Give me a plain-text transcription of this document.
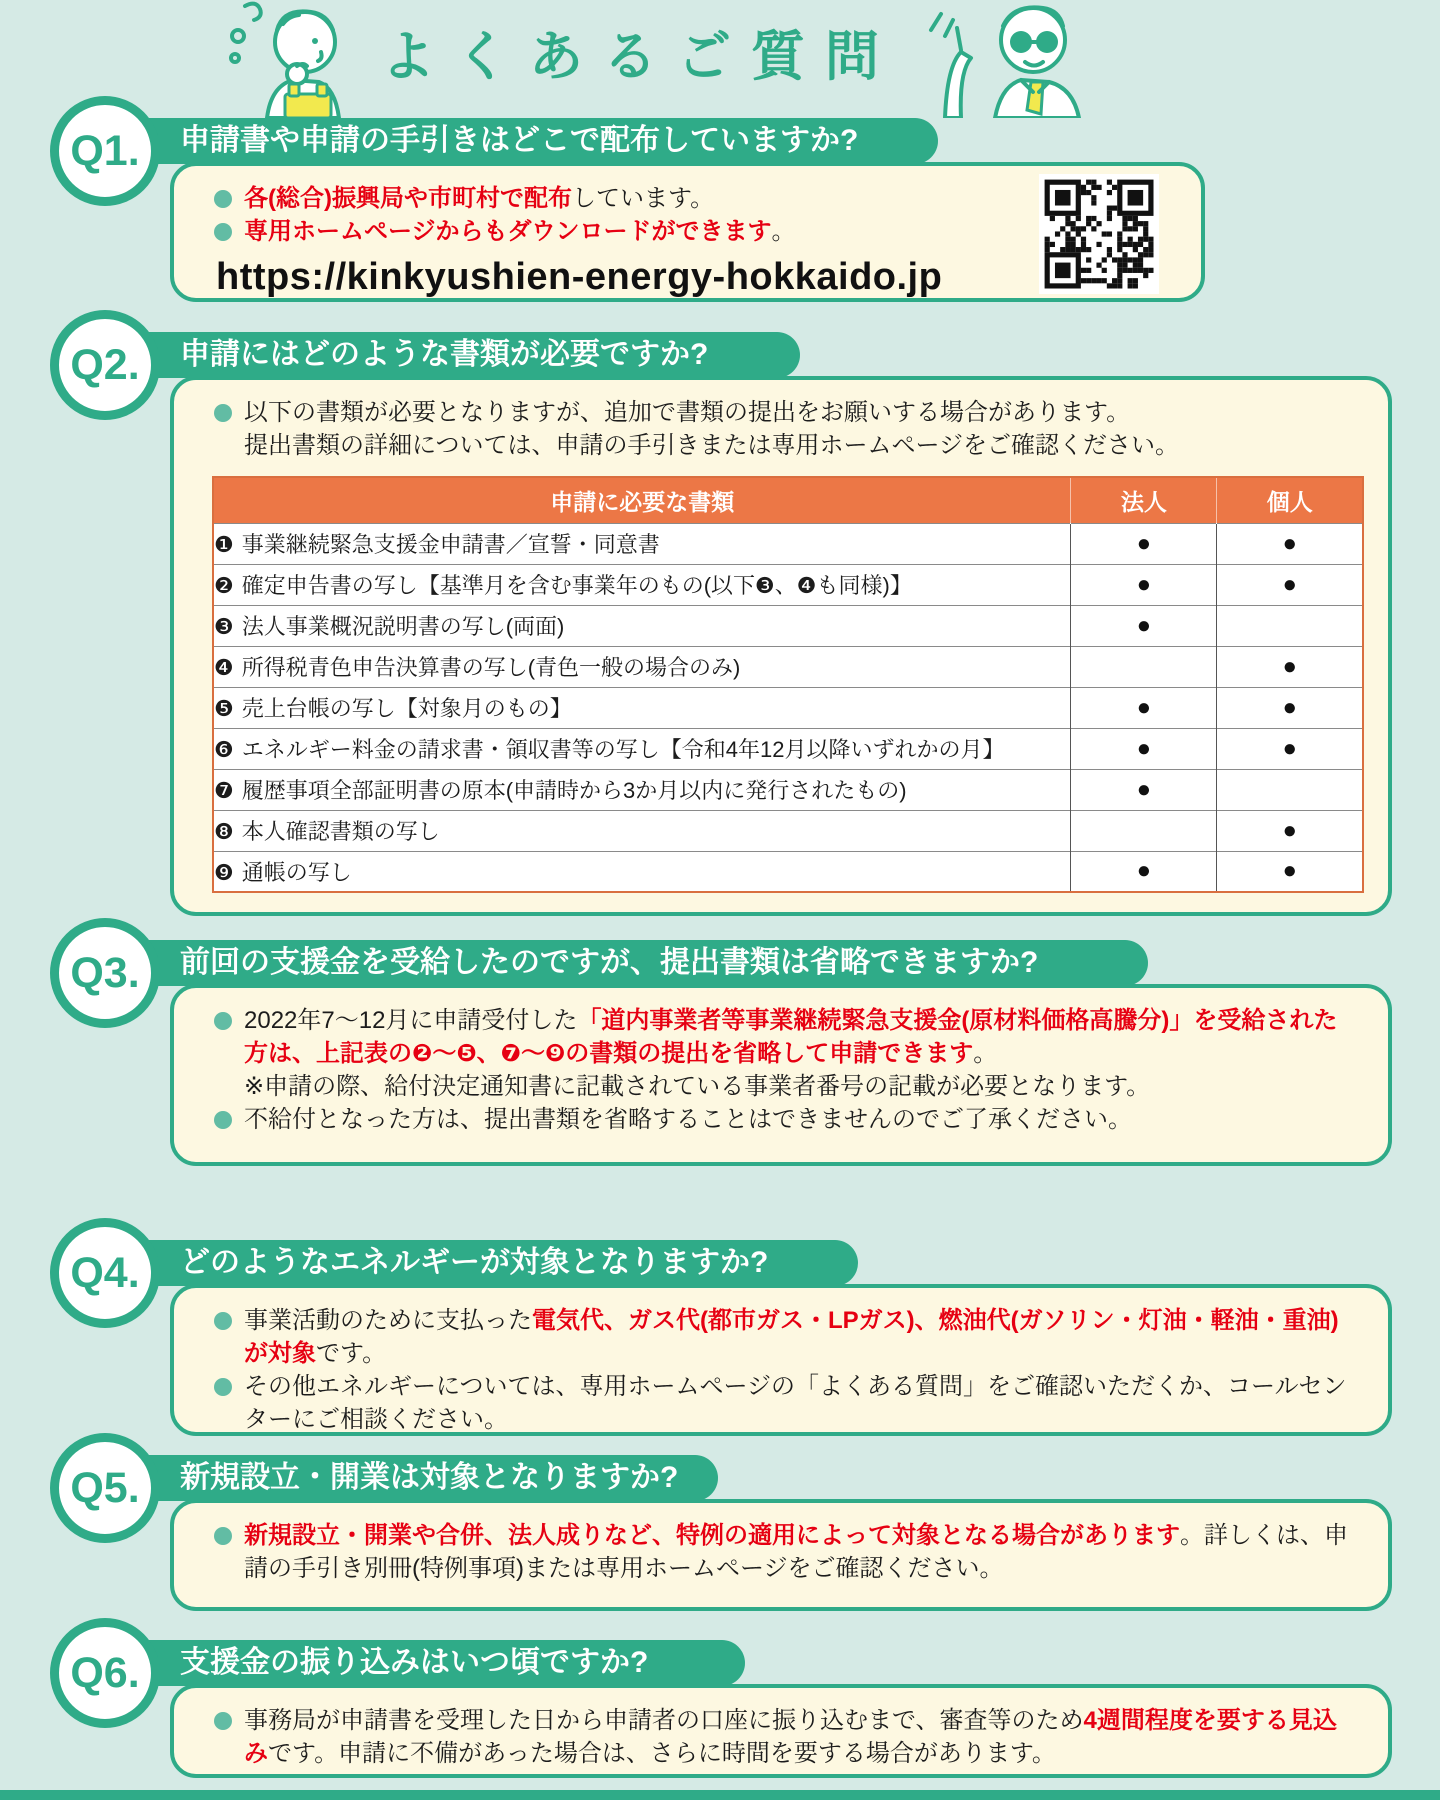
よくあるご質問
Q1.	申請書や申請の手引きはどこで配布していますか?
各(総合)振興局や市町村で配布しています。
専用ホームページからもダウンロードができます。
https://kinkyushien-energy-hokkaido.jp
Q2.	申請にはどのような書類が必要ですか?
以下の書類が必要となりますが、追加で書類の提出をお願いする場合があります。
提出書類の詳細については、申請の手引きまたは専用ホームページをご確認ください。
申請に必要な書類	法人	個人
❶ 事業継続緊急支援金申請書／宣誓・同意書	●	●
❷ 確定申告書の写し【基準月を含む事業年のもの(以下❸、❹も同様)】	●	●
❸ 法人事業概況説明書の写し(両面)	●	
❹ 所得税青色申告決算書の写し(青色一般の場合のみ)		●
❺ 売上台帳の写し【対象月のもの】	●	●
❻ エネルギー料金の請求書・領収書等の写し【令和4年12月以降いずれかの月】	●	●
❼ 履歴事項全部証明書の原本(申請時から3か月以内に発行されたもの)	●	
❽ 本人確認書類の写し		●
❾ 通帳の写し	●	●
Q3.	前回の支援金を受給したのですが、提出書類は省略できますか?
2022年7〜12月に申請受付した「道内事業者等事業継続緊急支援金(原材料価格高騰分)」を受給された方は、上記表の❷〜❺、❼〜❾の書類の提出を省略して申請できます。
※申請の際、給付決定通知書に記載されている事業者番号の記載が必要となります。
不給付となった方は、提出書類を省略することはできませんのでご了承ください。
Q4.	どのようなエネルギーが対象となりますか?
事業活動のために支払った電気代、ガス代(都市ガス・LPガス)、燃油代(ガソリン・灯油・軽油・重油)が対象です。
その他エネルギーについては、専用ホームページの「よくある質問」をご確認いただくか、コールセンターにご相談ください。
Q5.	新規設立・開業は対象となりますか?
新規設立・開業や合併、法人成りなど、特例の適用によって対象となる場合があります。詳しくは、申請の手引き別冊(特例事項)または専用ホームページをご確認ください。
Q6.	支援金の振り込みはいつ頃ですか?
事務局が申請書を受理した日から申請者の口座に振り込むまで、審査等のため4週間程度を要する見込みです。申請に不備があった場合は、さらに時間を要する場合があります。
